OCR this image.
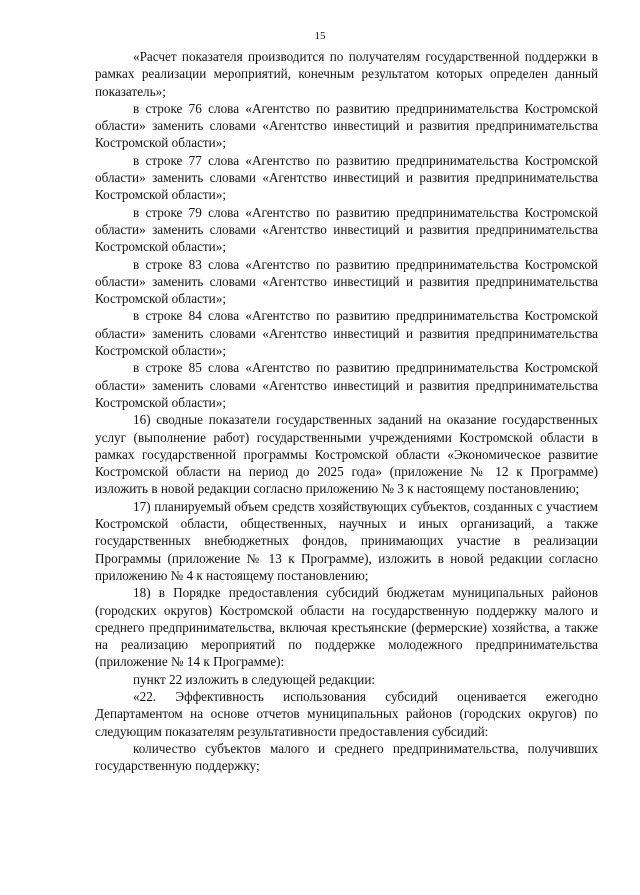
15

«Расчет показателя производится по получателям государственной поддержки в рамках реализации мероприятий, конечным результатом которых определен данный показатель»;

в строке 76 слова «Агентство по развитию предпринимательства Костромской области» заменить словами «Агентство инвестиций и развития предпринимательства Костромской области»;

в строке 77 слова «Агентство по развитию предпринимательства Костромской области» заменить словами «Агентство инвестиций и развития предпринимательства Костромской области»;

в строке 79 слова «Агентство по развитию предпринимательства Костромской области» заменить словами «Агентство инвестиций и развития предпринимательства Костромской области»;

в строке 83 слова «Агентство по развитию предпринимательства Костромской области» заменить словами «Агентство инвестиций и развития предпринимательства Костромской области»;

в строке 84 слова «Агентство по развитию предпринимательства Костромской области» заменить словами «Агентство инвестиций и развития предпринимательства Костромской области»;

в строке 85 слова «Агентство по развитию предпринимательства Костромской области» заменить словами «Агентство инвестиций и развития предпринимательства Костромской области»;

16) сводные показатели государственных заданий на оказание государственных услуг (выполнение работ) государственными учреждениями Костромской области в рамках государственной программы Костромской области «Экономическое развитие Костромской области на период до 2025 года» (приложение № 12 к Программе) изложить в новой редакции согласно приложению № 3 к настоящему постановлению;

17) планируемый объем средств хозяйствующих субъектов, созданных с участием Костромской области, общественных, научных и иных организаций, а также государственных внебюджетных фондов, принимающих участие в реализации Программы (приложение № 13 к Программе), изложить в новой редакции согласно приложению № 4 к настоящему постановлению;

18) в Порядке предоставления субсидий бюджетам муниципальных районов (городских округов) Костромской области на государственную поддержку малого и среднего предпринимательства, включая крестьянские (фермерские) хозяйства, а также на реализацию мероприятий по поддержке молодежного предпринимательства (приложение № 14 к Программе):

пункт 22 изложить в следующей редакции:

«22. Эффективность использования субсидий оценивается ежегодно Департаментом на основе отчетов муниципальных районов (городских округов) по следующим показателям результативности предоставления субсидий:

количество субъектов малого и среднего предпринимательства, получивших государственную поддержку;
